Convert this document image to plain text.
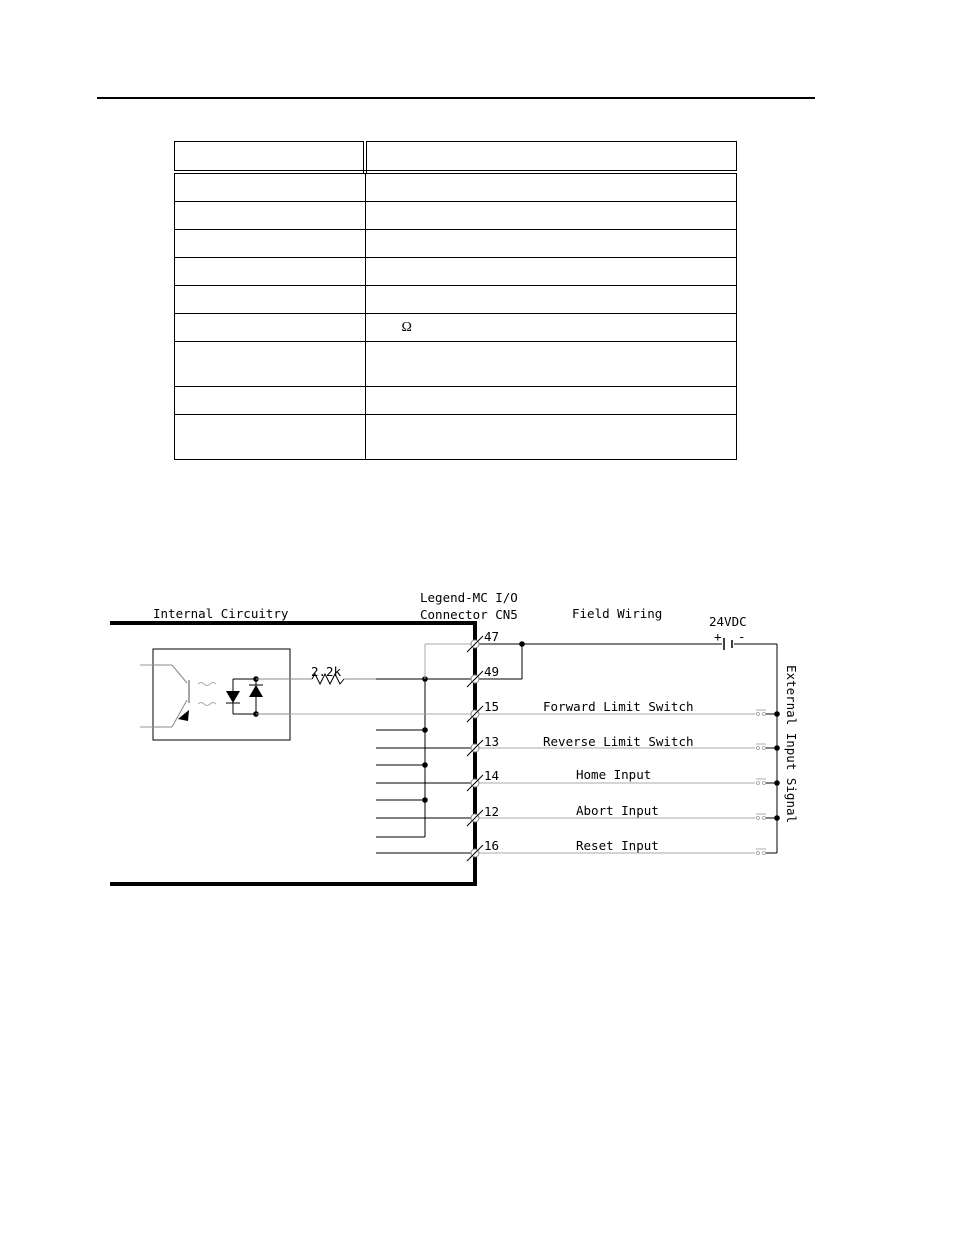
	Ω

Internal Circuitry
Legend-MC I/O
Connector CN5	Field Wiring
24VDC
+ -
2.2k	External Input Signal
47
49
15	Forward Limit Switch
13	Reverse Limit Switch
14	Home Input
12	Abort Input
16	Reset Input
